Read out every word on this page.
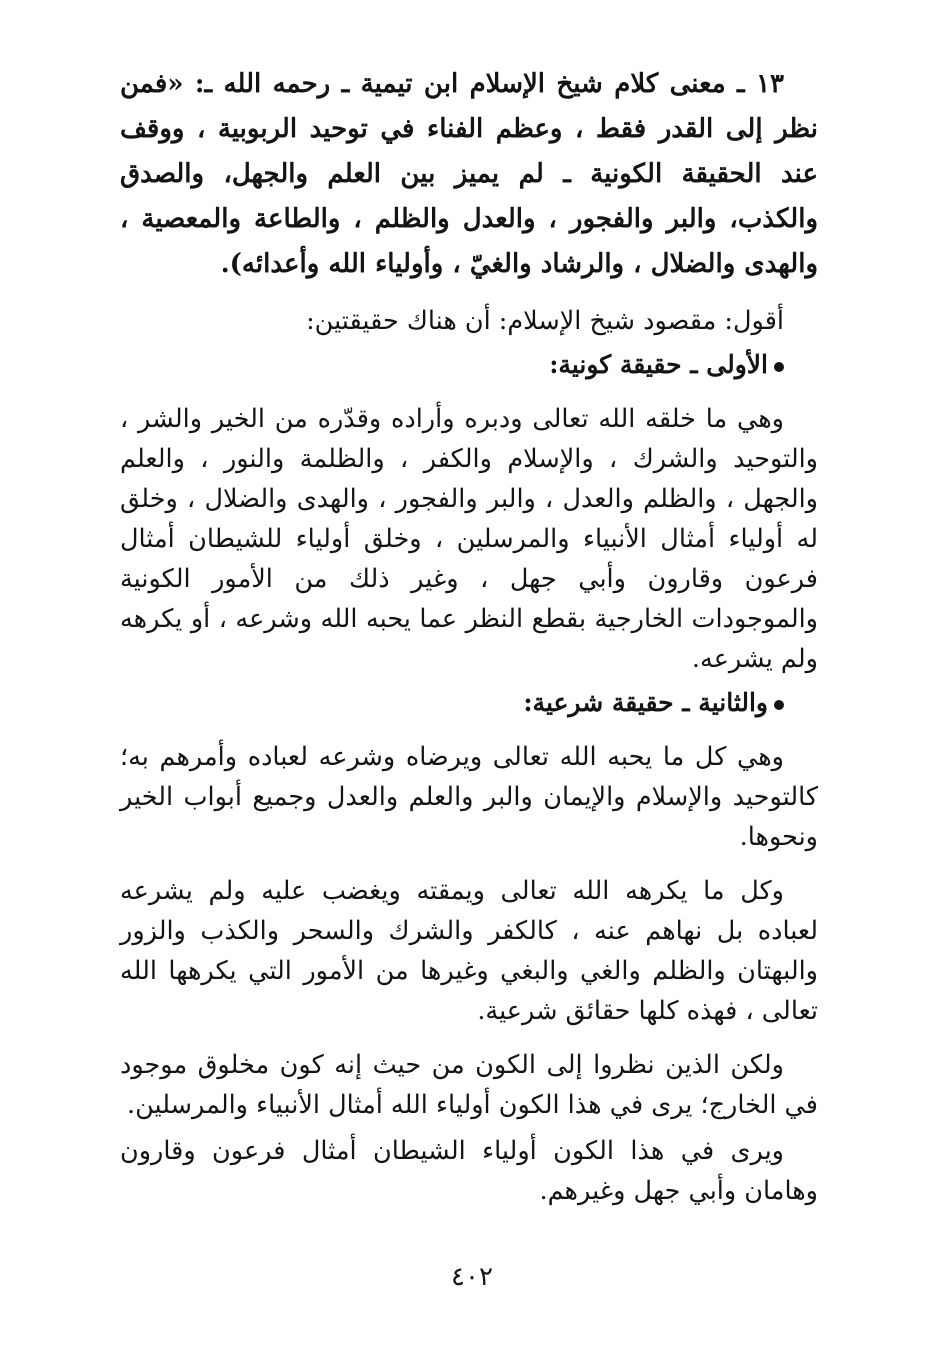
١٣ ـ معنى كلام شيخ الإسلام ابن تيمية ـ رحمه الله ـ: «فمن نظر إلى القدر فقط ، وعظم الفناء في توحيد الربوبية ، ووقف عند الحقيقة الكونية ـ لم يميز بين العلم والجهل، والصدق والكذب، والبر والفجور ، والعدل والظلم ، والطاعة والمعصية ، والهدى والضلال ، والرشاد والغيّ ، وأولياء الله وأعدائه).

أقول: مقصود شيخ الإسلام: أن هناك حقيقتين:

الأولى ـ حقيقة كونية:

وهي ما خلقه الله تعالى ودبره وأراده وقدّره من الخير والشر ، والتوحيد والشرك ، والإسلام والكفر ، والظلمة والنور ، والعلم والجهل ، والظلم والعدل ، والبر والفجور ، والهدى والضلال ، وخلق له أولياء أمثال الأنبياء والمرسلين ، وخلق أولياء للشيطان أمثال فرعون وقارون وأبي جهل ، وغير ذلك من الأمور الكونية والموجودات الخارجية بقطع النظر عما يحبه الله وشرعه ، أو يكرهه ولم يشرعه.

والثانية ـ حقيقة شرعية:

وهي كل ما يحبه الله تعالى ويرضاه وشرعه لعباده وأمرهم به؛ كالتوحيد والإسلام والإيمان والبر والعلم والعدل وجميع أبواب الخير ونحوها.

وكل ما يكرهه الله تعالى ويمقته ويغضب عليه ولم يشرعه لعباده بل نهاهم عنه ، كالكفر والشرك والسحر والكذب والزور والبهتان والظلم والغي والبغي وغيرها من الأمور التي يكرهها الله تعالى ، فهذه كلها حقائق شرعية.

ولكن الذين نظروا إلى الكون من حيث إنه كون مخلوق موجود في الخارج؛ يرى في هذا الكون أولياء الله أمثال الأنبياء والمرسلين.

ويرى في هذا الكون أولياء الشيطان أمثال فرعون وقارون وهامان وأبي جهل وغيرهم.

٤٠٢
